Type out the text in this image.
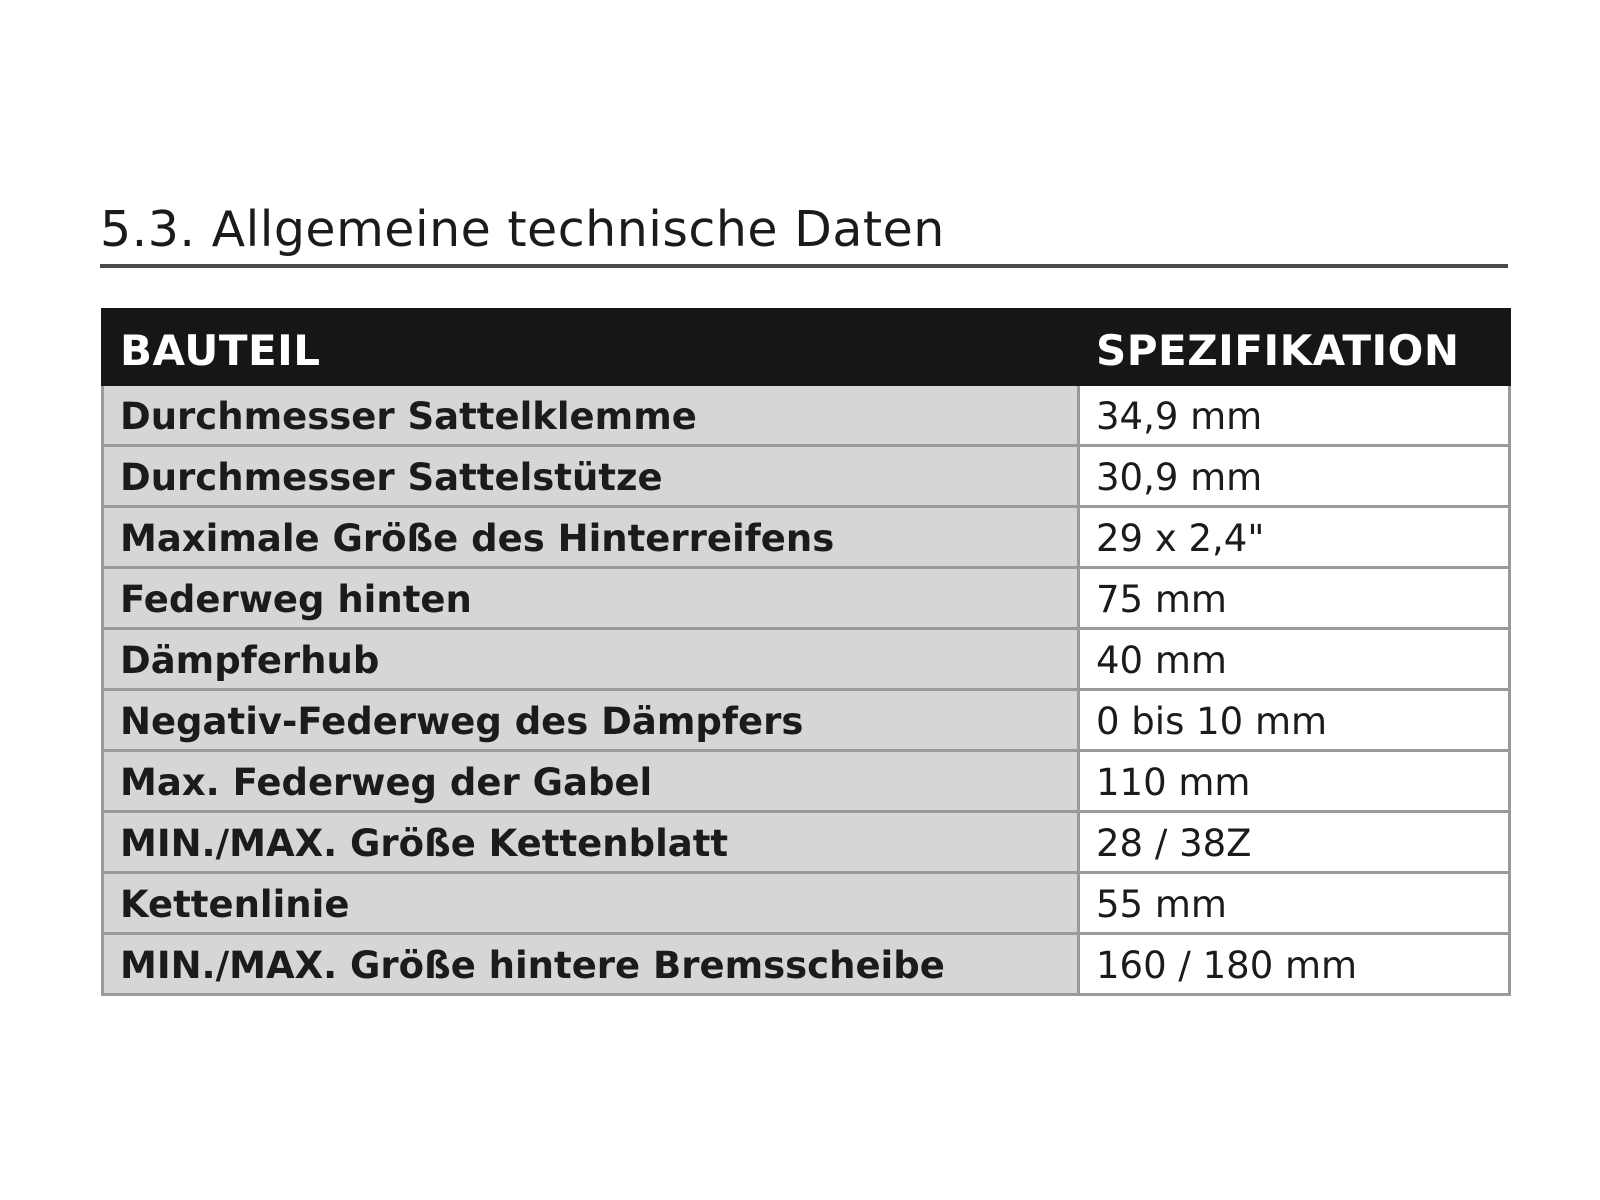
5.3. Allgemeine technische Daten
BAUTEIL	SPEZIFIKATION
Durchmesser Sattelklemme	34,9 mm
Durchmesser Sattelstütze	30,9 mm
Maximale Größe des Hinterreifens	29 x 2,4"
Federweg hinten	75 mm
Dämpferhub	40 mm
Negativ-Federweg des Dämpfers	0 bis 10 mm
Max. Federweg der Gabel	110 mm
MIN./MAX. Größe Kettenblatt	28 / 38Z
Kettenlinie	55 mm
MIN./MAX. Größe hintere Bremsscheibe	160 / 180 mm
